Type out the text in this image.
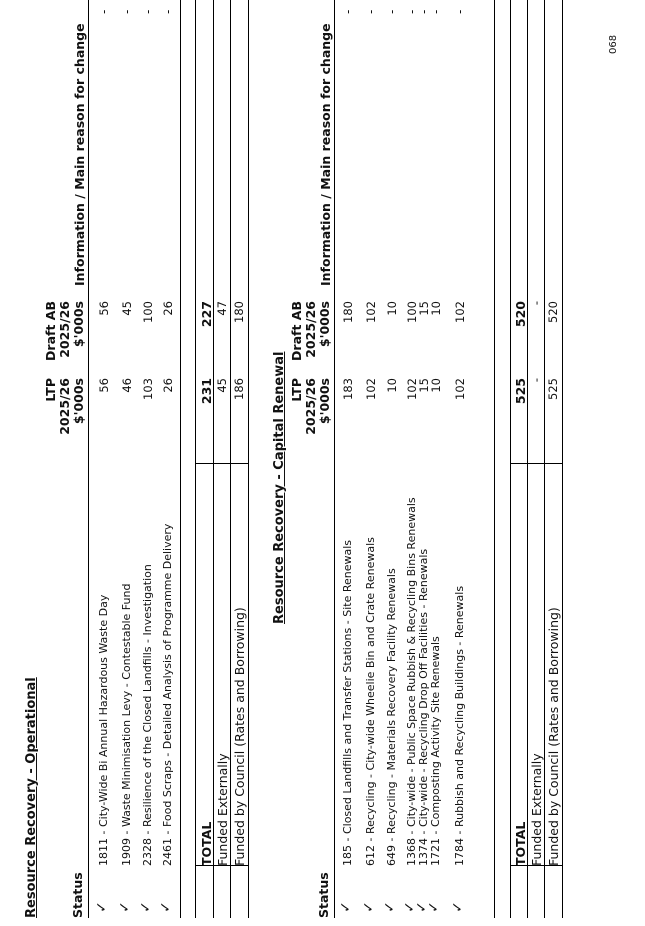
Resource Recovery - Operational Status
LTP 2025/26 $'000s
Draft AB 2025/26 $'000s
Information / Main reason for change
✓
1811 - City-Wide Bi Annual Hazardous Waste Day
56
56
-
✓
1909 - Waste Minimisation Levy - Contestable Fund
46
45
-
✓
2328 - Resilience of the Closed Landfills - Investigation
103
100
-
✓
2461 - Food Scraps - Detailed Analysis of Programme Delivery
26
26
-
TOTAL
231
227
Funded Externally
45
47
Funded by Council (Rates and Borrowing)
186
180
Resource Recovery - Capital Renewal
Status
LTP 2025/26 $'000s
Draft AB 2025/26 $'000s
Information / Main reason for change
✓
185 - Closed Landfills and Transfer Stations - Site Renewals
183
180
-
✓
612 - Recycling - City-wide Wheelie Bin and Crate Renewals
102
102
-
✓
649 - Recycling - Materials Recovery Facility Renewals
10
10
-
✓
1368 - City-wide - Public Space Rubbish & Recycling Bins Renewals
102
100
-
✓
1374 - City-wide - Recycling Drop Off Facilities - Renewals
15
15
-
✓
1721 - Composting Activity Site Renewals
10
10
-
✓
1784 - Rubbish and Recycling Buildings - Renewals
102
102
-
TOTAL
525
520
Funded Externally
-
-
Funded by Council (Rates and Borrowing)
525
520
068
